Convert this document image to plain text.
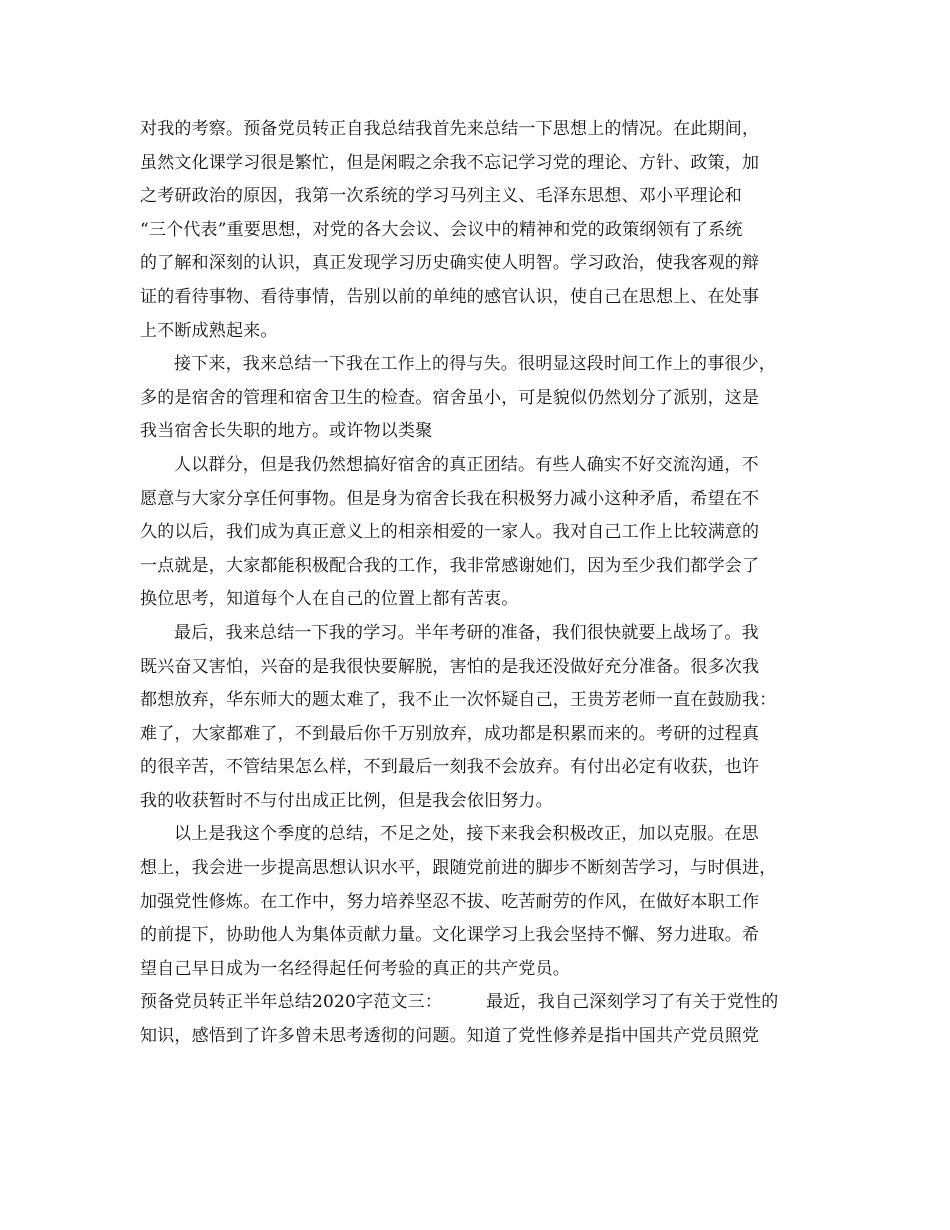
对我的考察。预备党员转正自我总结我首先来总结一下思想上的情况。在此期间，
虽然文化课学习很是繁忙，但是闲暇之余我不忘记学习党的理论、方针、政策，加
之考研政治的原因，我第一次系统的学习马列主义、毛泽东思想、邓小平理论和
“三个代表”重要思想，对党的各大会议、会议中的精神和党的政策纲领有了系统
的了解和深刻的认识，真正发现学习历史确实使人明智。学习政治，使我客观的辩
证的看待事物、看待事情，告别以前的单纯的感官认识，使自己在思想上、在处事
上不断成熟起来。
接下来，我来总结一下我在工作上的得与失。很明显这段时间工作上的事很少，
多的是宿舍的管理和宿舍卫生的检查。宿舍虽小，可是貌似仍然划分了派别，这是
我当宿舍长失职的地方。或许物以类聚
人以群分，但是我仍然想搞好宿舍的真正团结。有些人确实不好交流沟通，不
愿意与大家分享任何事物。但是身为宿舍长我在积极努力减小这种矛盾，希望在不
久的以后，我们成为真正意义上的相亲相爱的一家人。我对自己工作上比较满意的
一点就是，大家都能积极配合我的工作，我非常感谢她们，因为至少我们都学会了
换位思考，知道每个人在自己的位置上都有苦衷。
最后，我来总结一下我的学习。半年考研的准备，我们很快就要上战场了。我
既兴奋又害怕，兴奋的是我很快要解脱，害怕的是我还没做好充分准备。很多次我
都想放弃，华东师大的题太难了，我不止一次怀疑自己，王贵芳老师一直在鼓励我：
难了，大家都难了，不到最后你千万别放弃，成功都是积累而来的。考研的过程真
的很辛苦，不管结果怎么样，不到最后一刻我不会放弃。有付出必定有收获，也许
我的收获暂时不与付出成正比例，但是我会依旧努力。
以上是我这个季度的总结，不足之处，接下来我会积极改正，加以克服。在思
想上，我会进一步提高思想认识水平，跟随党前进的脚步不断刻苦学习，与时俱进，
加强党性修炼。在工作中，努力培养坚忍不拔、吃苦耐劳的作风，在做好本职工作
的前提下，协助他人为集体贡献力量。文化课学习上我会坚持不懈、努力进取。希
望自己早日成为一名经得起任何考验的真正的共产党员。
预备党员转正半年总结2020字范文三：	最近，我自己深刻学习了有关于党性的
知识，感悟到了许多曾未思考透彻的问题。知道了党性修养是指中国共产党员照党
